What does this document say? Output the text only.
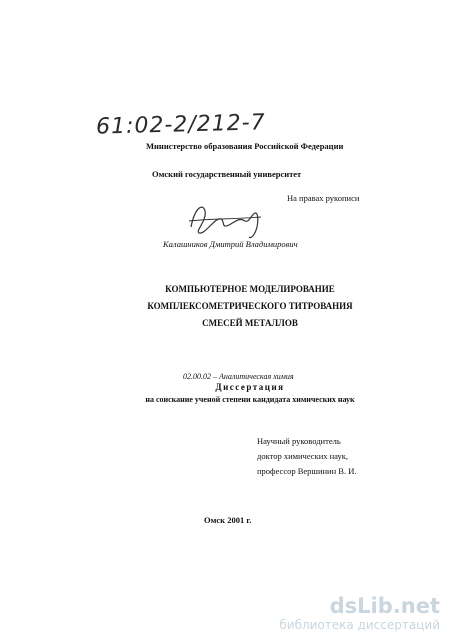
61:02-2/212-7
Министерство образования Российской Федерации
Омский государственный университет
На правах рукописи
Калашников Дмитрий Владимирович
КОМПЬЮТЕРНОЕ МОДЕЛИРОВАНИЕ
КОМПЛЕКСОМЕТРИЧЕСКОГО ТИТРОВАНИЯ
СМЕСЕЙ МЕТАЛЛОВ
02.00.02 – Аналитическая химия
Диссертация
на соискание ученой степени кандидата химических наук
Научный руководитель
доктор химических наук,
профессор Вершинин В. И.
Омск 2001 г.
dsLib.net
библиотека диссертаций
